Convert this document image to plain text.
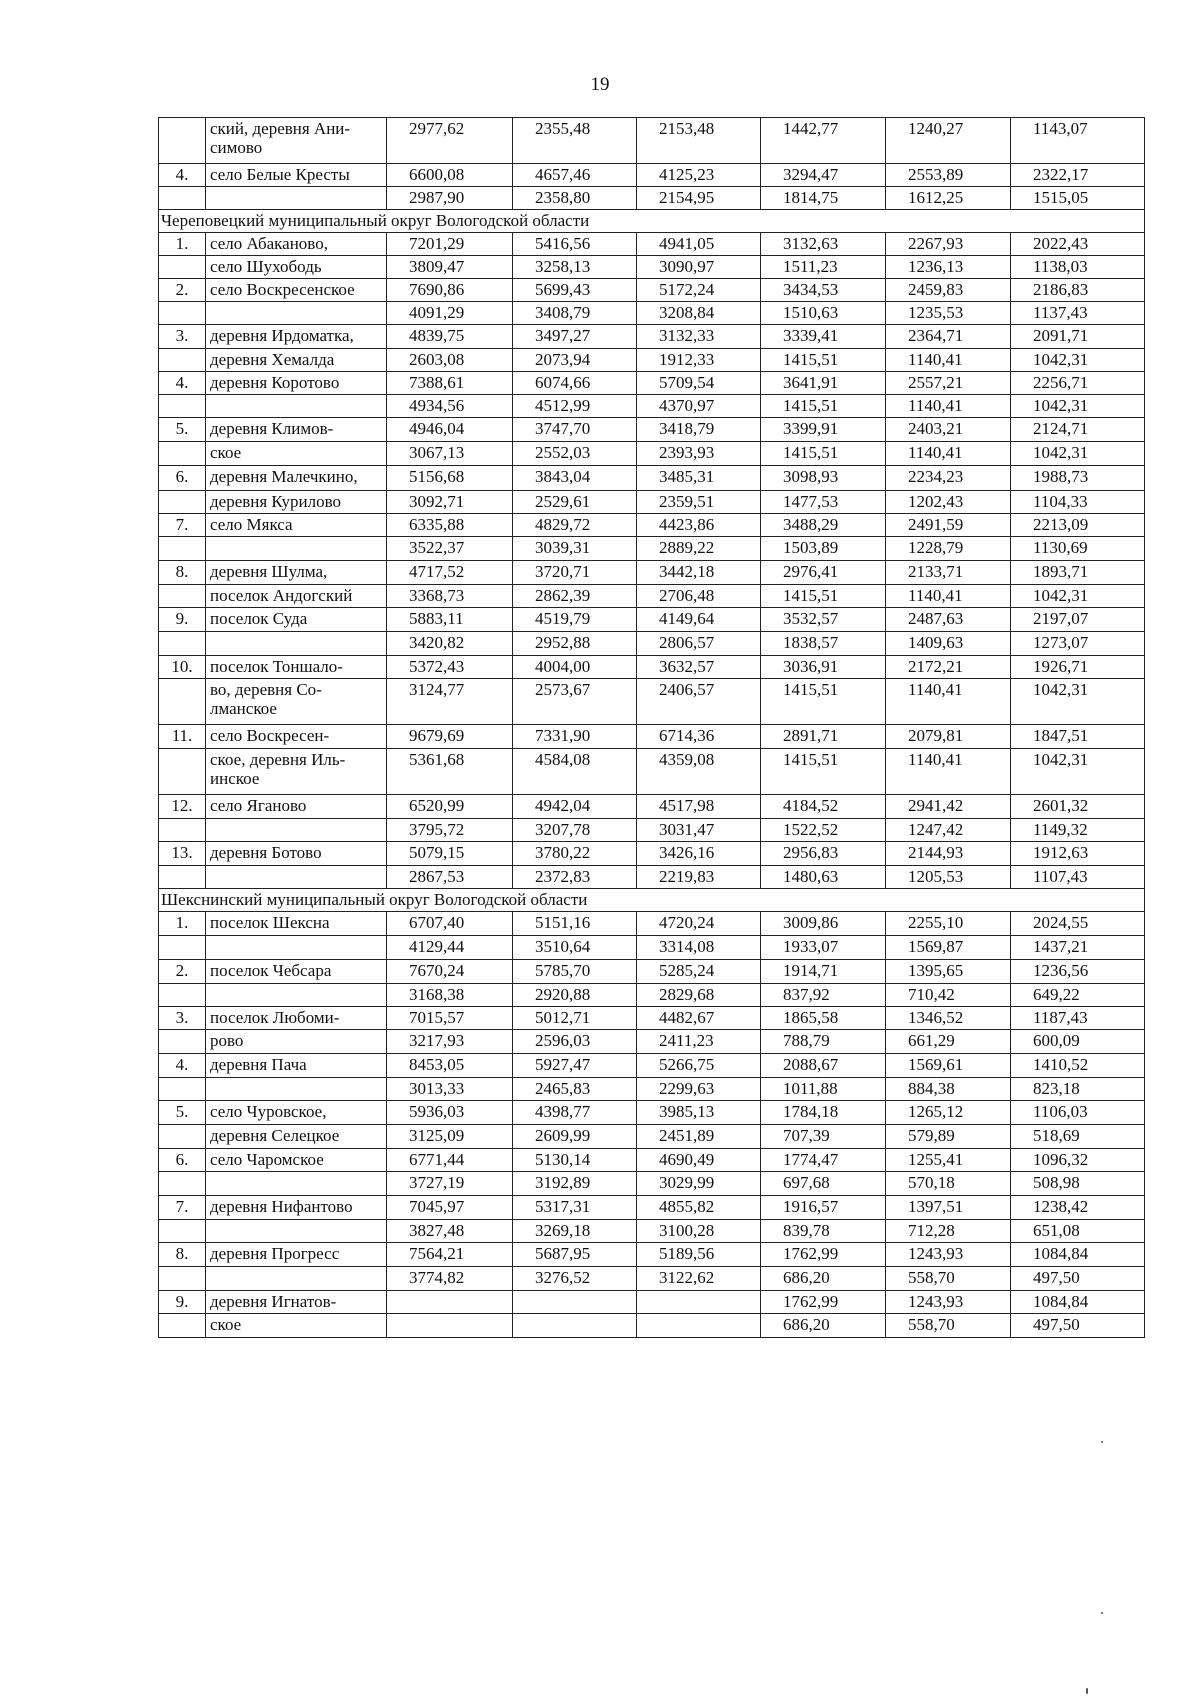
19
	ский, деревня Ани-симово	2977,62	2355,48	2153,48	1442,77	1240,27	1143,07
4.	село Белые Кресты	6600,08	4657,46	4125,23	3294,47	2553,89	2322,17
		2987,90	2358,80	2154,95	1814,75	1612,25	1515,05
Череповецкий муниципальный округ Вологодской области							
1.	село Абаканово,	7201,29	5416,56	4941,05	3132,63	2267,93	2022,43
	село Шухободь	3809,47	3258,13	3090,97	1511,23	1236,13	1138,03
2.	село Воскресенское	7690,86	5699,43	5172,24	3434,53	2459,83	2186,83
		4091,29	3408,79	3208,84	1510,63	1235,53	1137,43
3.	деревня Ирдоматка,	4839,75	3497,27	3132,33	3339,41	2364,71	2091,71
	деревня Хемалда	2603,08	2073,94	1912,33	1415,51	1140,41	1042,31
4.	деревня Коротово	7388,61	6074,66	5709,54	3641,91	2557,21	2256,71
		4934,56	4512,99	4370,97	1415,51	1140,41	1042,31
5.	деревня Климов-	4946,04	3747,70	3418,79	3399,91	2403,21	2124,71
	ское	3067,13	2552,03	2393,93	1415,51	1140,41	1042,31
6.	деревня Малечкино,	5156,68	3843,04	3485,31	3098,93	2234,23	1988,73
	деревня Курилово	3092,71	2529,61	2359,51	1477,53	1202,43	1104,33
7.	село Мякса	6335,88	4829,72	4423,86	3488,29	2491,59	2213,09
		3522,37	3039,31	2889,22	1503,89	1228,79	1130,69
8.	деревня Шулма,	4717,52	3720,71	3442,18	2976,41	2133,71	1893,71
	поселок Андогский	3368,73	2862,39	2706,48	1415,51	1140,41	1042,31
9.	поселок Суда	5883,11	4519,79	4149,64	3532,57	2487,63	2197,07
		3420,82	2952,88	2806,57	1838,57	1409,63	1273,07
10.	поселок Тоншало-	5372,43	4004,00	3632,57	3036,91	2172,21	1926,71
	во, деревня Со-лманское	3124,77	2573,67	2406,57	1415,51	1140,41	1042,31
11.	село Воскресен-	9679,69	7331,90	6714,36	2891,71	2079,81	1847,51
	ское, деревня Иль-инское	5361,68	4584,08	4359,08	1415,51	1140,41	1042,31
12.	село Яганово	6520,99	4942,04	4517,98	4184,52	2941,42	2601,32
		3795,72	3207,78	3031,47	1522,52	1247,42	1149,32
13.	деревня Ботово	5079,15	3780,22	3426,16	2956,83	2144,93	1912,63
		2867,53	2372,83	2219,83	1480,63	1205,53	1107,43
Шекснинский муниципальный округ Вологодской области							
1.	поселок Шексна	6707,40	5151,16	4720,24	3009,86	2255,10	2024,55
		4129,44	3510,64	3314,08	1933,07	1569,87	1437,21
2.	поселок Чебсара	7670,24	5785,70	5285,24	1914,71	1395,65	1236,56
		3168,38	2920,88	2829,68	837,92	710,42	649,22
3.	поселок Любоми-	7015,57	5012,71	4482,67	1865,58	1346,52	1187,43
	рово	3217,93	2596,03	2411,23	788,79	661,29	600,09
4.	деревня Пача	8453,05	5927,47	5266,75	2088,67	1569,61	1410,52
		3013,33	2465,83	2299,63	1011,88	884,38	823,18
5.	село Чуровское,	5936,03	4398,77	3985,13	1784,18	1265,12	1106,03
	деревня Селецкое	3125,09	2609,99	2451,89	707,39	579,89	518,69
6.	село Чаромское	6771,44	5130,14	4690,49	1774,47	1255,41	1096,32
		3727,19	3192,89	3029,99	697,68	570,18	508,98
7.	деревня Нифантово	7045,97	5317,31	4855,82	1916,57	1397,51	1238,42
		3827,48	3269,18	3100,28	839,78	712,28	651,08
8.	деревня Прогресс	7564,21	5687,95	5189,56	1762,99	1243,93	1084,84
		3774,82	3276,52	3122,62	686,20	558,70	497,50
9.	деревня Игнатов-				1762,99	1243,93	1084,84
	ское				686,20	558,70	497,50
